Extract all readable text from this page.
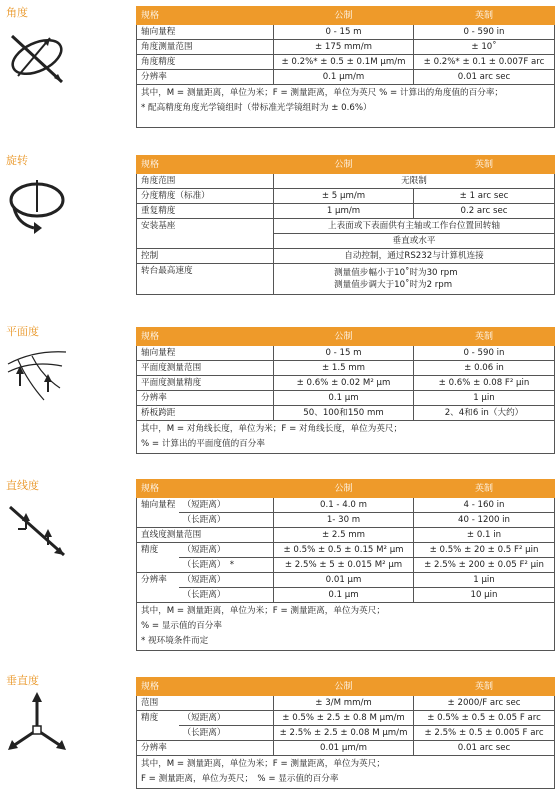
角度	规格	公制	英制
轴向量程	0 - 15 m	0 - 590 in
角度测量范围	± 175 mm/m	± 10˚
角度精度	± 0.2%* ± 0.5 ± 0.1M µm/m	± 0.2%* ± 0.1 ± 0.007F arc
分辨率	0.1 µm/m	0.01 arc sec

其中，M = 测量距离，单位为米；F = 测量距离，单位为英尺 % = 计算出的角度值的百分率；
* 配高精度角度光学镜组时（带标准光学镜组时为 ± 0.6%）		
旋转	规格	公制	英制
角度范围	无限制	
分度精度（标准）	± 5 µm/m	± 1 arc sec
重复精度	1 µm/m	0.2 arc sec
安装基座	上表面或下表面供有主轴或工作台位置回转轴	
	垂直或水平	
控制	自动控制，通过RS232与计算机连接	
转台最高速度	测量值步幅小于10˚时为30 rpm
测量值步调大于10˚时为2 rpm	
平面度	规格	公制	英制
轴向量程	0 - 15 m	0 - 590 in
平面度测量范围	± 1.5 mm	± 0.06 in
平面度测量精度	± 0.6% ± 0.02 M² µm	± 0.6% ± 0.08 F² µin
分辨率	0.1 µm	1 µin
桥板跨距	50、100和150 mm	2、4和6 in（大约）

其中，M = 对角线长度，单位为米；F = 对角线长度，单位为英尺；
% = 计算出的平面度值的百分率		
直线度	规格		公制	英制
轴向量程	（短距离）	0.1 - 4.0 m	4 - 160 in
	（长距离）	1- 30 m	40 - 1200 in
直线度测量范围		± 2.5 mm	± 0.1 in
精度	（短距离）	± 0.5% ± 0.5 ± 0.15 M² µm	± 0.5% ± 20 ± 0.5 F² µin
	（长距离）　*	± 2.5% ± 5 ± 0.015 M² µm	± 2.5% ± 200 ± 0.05 F² µin
分辨率	（短距离）	0.01 µm	1 µin
	（长距离）	0.1 µm	10 µin

其中，M = 测量距离，单位为米；F = 测量距离，单位为英尺；
% = 显示值的百分率
* 视环境条件而定			
垂直度	规格		公制	英制
范围		± 3/M mm/m	± 2000/F arc sec
精度	（短距离）	± 0.5% ± 2.5 ± 0.8 M µm/m	± 0.5% ± 0.5 ± 0.05 F arc
	（长距离）	± 2.5% ± 2.5 ± 0.08 M µm/m	± 2.5% ± 0.5 ± 0.005 F arc
分辨率		0.01 µm/m	0.01 arc sec

其中，M = 测量距离，单位为米；F = 测量距离，单位为英尺；
F = 测量距离，单位为英尺；　% = 显示值的百分率			
